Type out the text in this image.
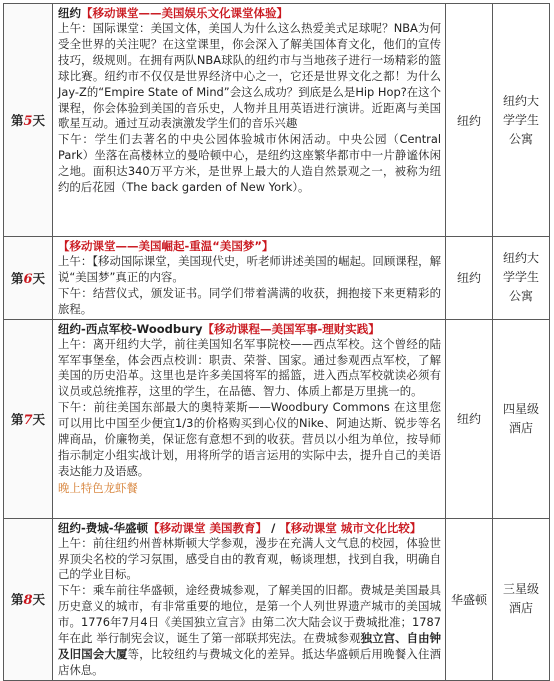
第5天	纽约【移动课堂——美国娱乐文化课堂体验】
上午：国际课堂：美国文体，美国人为什么这么热爱美式足球呢？NBA为何受全世界的关注呢？在这堂课里，你会深入了解美国体育文化，他们的宣传技巧，级规则。在拥有两队NBA球队的纽约市与当地孩子进行一场精彩的篮球比赛。纽约市不仅仅是世界经济中心之一，它还是世界文化之都！为什么Jay-Z的“Empire State of Mind”会这么成功？到底是么是Hip Hop?在这个课程，你会体验到美国的音乐史，人物并且用英语进行演讲。近距离与美国歌星互动。通过互动表演激发学生们的音乐兴趣
下午：学生们去著名的中央公园体验城市休闲活动。中央公园（Central Park）坐落在高楼林立的曼哈顿中心，是纽约这座繁华都市中一片静谧休闲之地。面积达340万平方米，是世界上最大的人造自然景观之一，被称为纽约的后花园（The back garden of New York）。	纽约	纽约大学学生公寓

第6天	【移动课堂——美国崛起-重温“美国梦”】
上午：【移动国际课堂，美国现代史，听老师讲述美国的崛起。回顾课程，解说“美国梦”真正的内容。
下午：结营仪式，颁发证书。同学们带着满满的收获，拥抱接下来更精彩的旅程。	纽约	纽约大学学生公寓

第7天	纽约-西点军校-Woodbury【移动课程—美国军事-理财实践】
上午：离开纽约大学，前往美国知名军事院校——西点军校。这个曾经的陆军军事堡垒，体会西点校训：职责、荣誉、国家。通过参观西点军校，了解美国的历史沿革。这里也是许多美国将军的摇篮，进入西点军校就读必须有议员或总统推荐，这里的学生，在品德、智力、体质上都是万里挑一的。
下午：前往美国东部最大的奥特莱斯——Woodbury Commons 在这里您可以用比中国至少便宜1/3的价格购买到心仪的Nike、阿迪达斯、锐步等名牌商品，价廉物美，保证您有意想不到的收获。营员以小组为单位，按导师指示制定小组实战计划，用将所学的语言运用的实际中去，提升自己的美语表达能力及语感。
晚上特色龙虾餐	纽约	四星级酒店

第8天	纽约-费城-华盛顿【移动课堂 美国教育】 / 【移动课堂 城市文化比较】
上午：前往纽约州普林斯顿大学参观，漫步在充满人文气息的校园，体验世界顶尖名校的学习氛围，感受自由的教育观，畅谈理想，找到自我，明确自己的学业目标。
下午：乘车前往华盛顿，途经费城参观，了解美国的旧都。费城是美国最具历史意义的城市，有非常重要的地位，是第一个人列世界遗产城市的美国城市。1776年7月4日《美国独立宣言》由第二次大陆会议于费城批准；1787年在此 举行制宪会议，诞生了第一部联邦宪法。在费城参观独立宫、自由钟及旧国会大厦等，比较纽约与费城文化的差异。抵达华盛顿后用晚餐入住酒店休息。	华盛顿	三星级酒店
